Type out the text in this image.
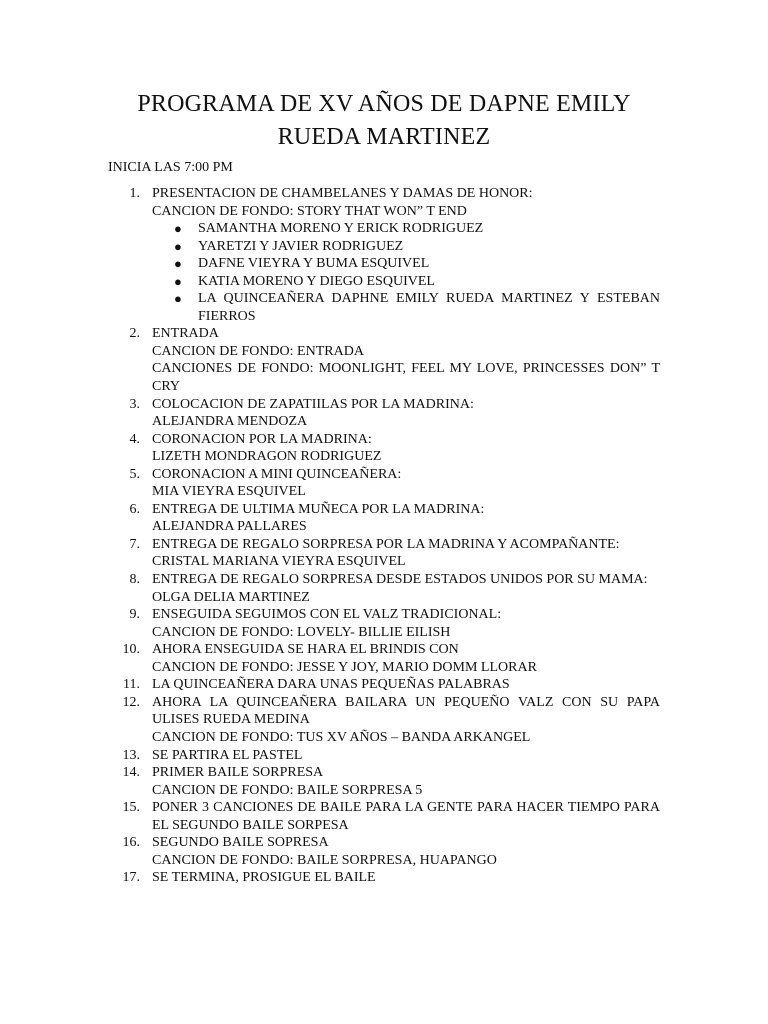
PROGRAMA DE XV AÑOS DE DAPNE EMILY
RUEDA MARTINEZ
INICIA LAS 7:00 PM
1. PRESENTACION DE CHAMBELANES Y DAMAS DE HONOR:
CANCION DE FONDO: STORY THAT WON” T END
● SAMANTHA MORENO Y ERICK RODRIGUEZ
● YARETZI Y JAVIER RODRIGUEZ
● DAFNE VIEYRA Y BUMA ESQUIVEL
● KATIA MORENO Y DIEGO ESQUIVEL
● LA QUINCEAÑERA DAPHNE EMILY RUEDA MARTINEZ Y ESTEBAN FIERROS
2. ENTRADA
CANCION DE FONDO: ENTRADA
CANCIONES DE FONDO: MOONLIGHT, FEEL MY LOVE, PRINCESSES DON” T CRY
3. COLOCACION DE ZAPATIILAS POR LA MADRINA:
ALEJANDRA MENDOZA
4. CORONACION POR LA MADRINA:
LIZETH MONDRAGON RODRIGUEZ
5. CORONACION A MINI QUINCEAÑERA:
MIA VIEYRA ESQUIVEL
6. ENTREGA DE ULTIMA MUÑECA POR LA MADRINA:
ALEJANDRA PALLARES
7. ENTREGA DE REGALO SORPRESA POR LA MADRINA Y ACOMPAÑANTE:
CRISTAL MARIANA VIEYRA ESQUIVEL
8. ENTREGA DE REGALO SORPRESA DESDE ESTADOS UNIDOS POR SU MAMA:
OLGA DELIA MARTINEZ
9. ENSEGUIDA SEGUIMOS CON EL VALZ TRADICIONAL:
CANCION DE FONDO: LOVELY- BILLIE EILISH
10. AHORA ENSEGUIDA SE HARA EL BRINDIS CON
CANCION DE FONDO: JESSE Y JOY, MARIO DOMM LLORAR
11. LA QUINCEAÑERA DARA UNAS PEQUEÑAS PALABRAS
12. AHORA LA QUINCEAÑERA BAILARA UN PEQUEÑO VALZ CON SU PAPA ULISES RUEDA MEDINA
CANCION DE FONDO: TUS XV AÑOS – BANDA ARKANGEL
13. SE PARTIRA EL PASTEL
14. PRIMER BAILE SORPRESA
CANCION DE FONDO: BAILE SORPRESA 5
15. PONER 3 CANCIONES DE BAILE PARA LA GENTE PARA HACER TIEMPO PARA EL SEGUNDO BAILE SORPESA
16. SEGUNDO BAILE SOPRESA
CANCION DE FONDO: BAILE SORPRESA, HUAPANGO
17. SE TERMINA, PROSIGUE EL BAILE
